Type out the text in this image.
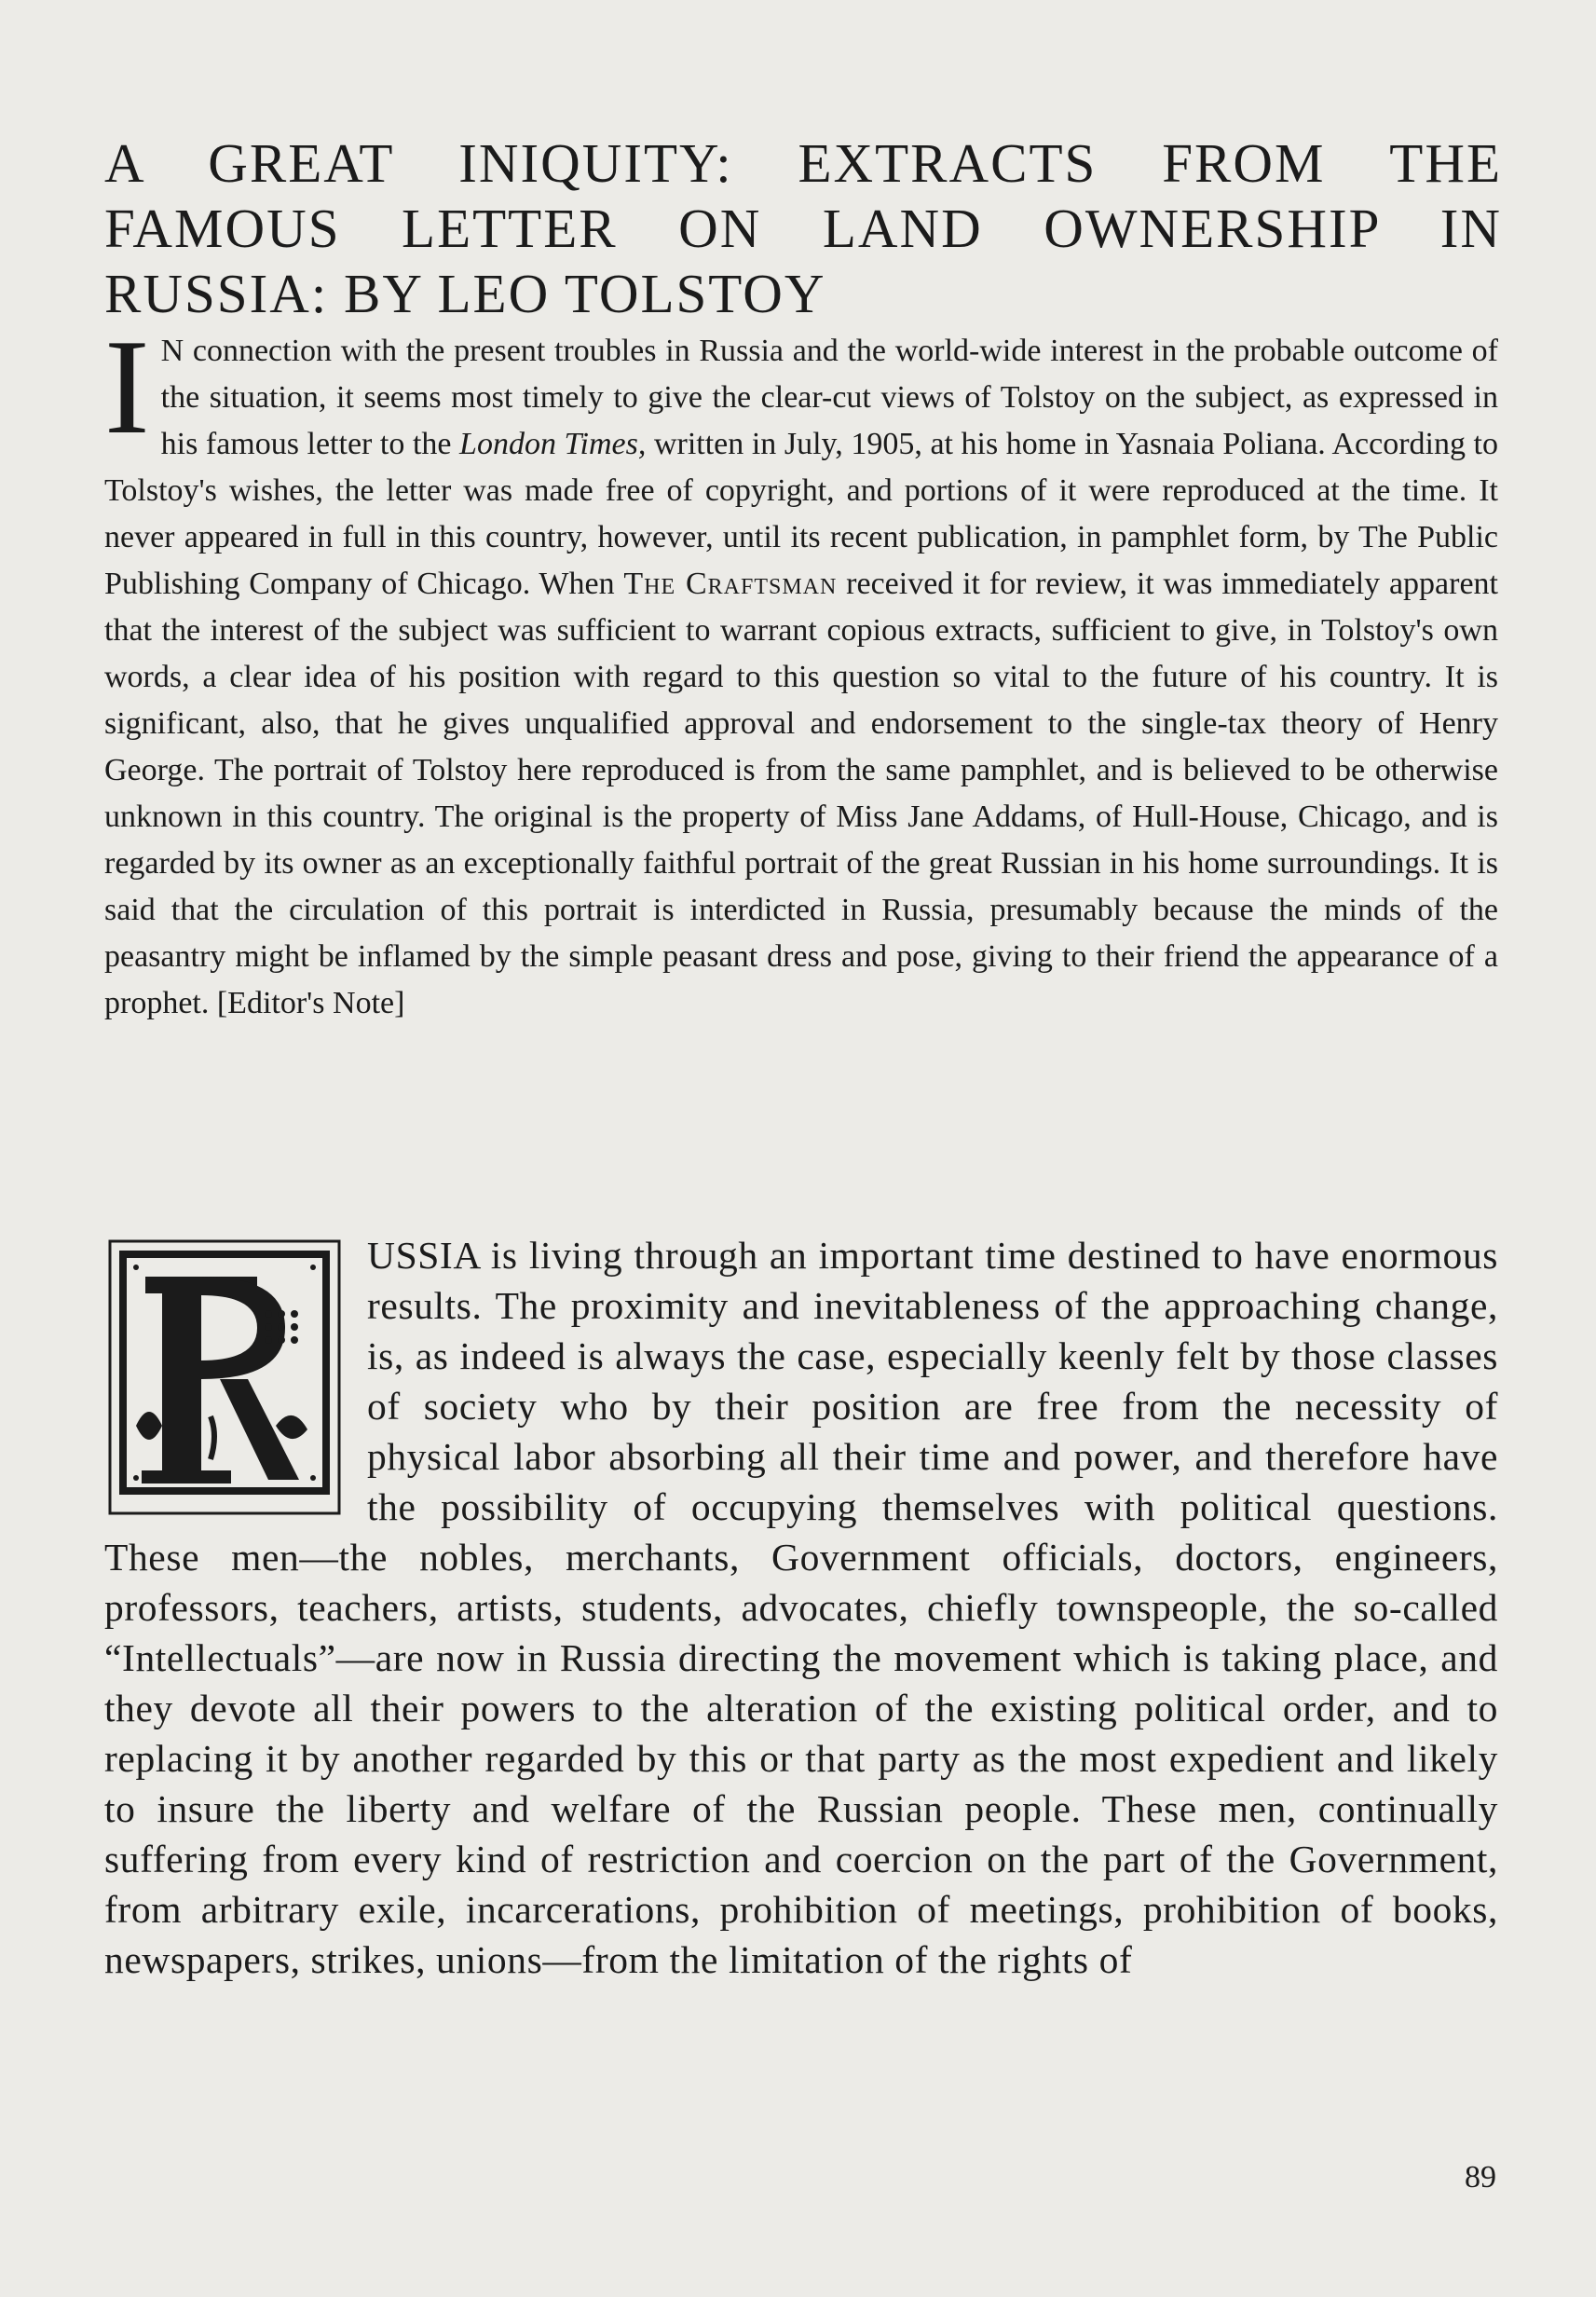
A GREAT INIQUITY: EXTRACTS FROM THE
FAMOUS LETTER ON LAND OWNERSHIP IN
RUSSIA: BY LEO TOLSTOY
I N connection with the present troubles in Russia and the world-wide interest in the probable outcome of the situation, it seems most timely to give the clear-cut views of Tolstoy on the subject, as expressed in his famous letter to the London Times, written in July, 1905, at his home in Yasnaia Poliana. According to Tolstoy's wishes, the letter was made free of copyright, and portions of it were reproduced at the time. It never appeared in full in this country, however, until its recent publication, in pamphlet form, by The Public Publishing Company of Chicago. When The Craftsman received it for review, it was immediately apparent that the interest of the subject was sufficient to warrant copious extracts, sufficient to give, in Tolstoy's own words, a clear idea of his position with regard to this question so vital to the future of his country. It is significant, also, that he gives unqualified approval and endorsement to the single-tax theory of Henry George. The portrait of Tolstoy here reproduced is from the same pamphlet, and is believed to be otherwise unknown in this country. The original is the property of Miss Jane Addams, of Hull-House, Chicago, and is regarded by its owner as an exceptionally faithful portrait of the great Russian in his home surroundings. It is said that the circulation of this portrait is interdicted in Russia, presumably because the minds of the peasantry might be inflamed by the simple peasant dress and pose, giving to their friend the appearance of a prophet. [Editor's Note]
USSIA is living through an important time destined to have enormous results. The proximity and inevitableness of the approaching change, is, as indeed is always the case, especially keenly felt by those classes of society who by their position are free from the necessity of physical labor absorbing all their time and power, and therefore have the possibility of occupying themselves with political questions. These men—the nobles, merchants, Government officials, doctors, engineers, professors, teachers, artists, students, advocates, chiefly townspeople, the so-called “Intellectuals”—are now in Russia directing the movement which is taking place, and they devote all their powers to the alteration of the existing political order, and to replacing it by another regarded by this or that party as the most expedient and likely to insure the liberty and welfare of the Russian people. These men, continually suffering from every kind of restriction and coercion on the part of the Government, from arbitrary exile, incarcerations, prohibition of meetings, prohibition of books, newspapers, strikes, unions—from the limitation of the rights of
89
